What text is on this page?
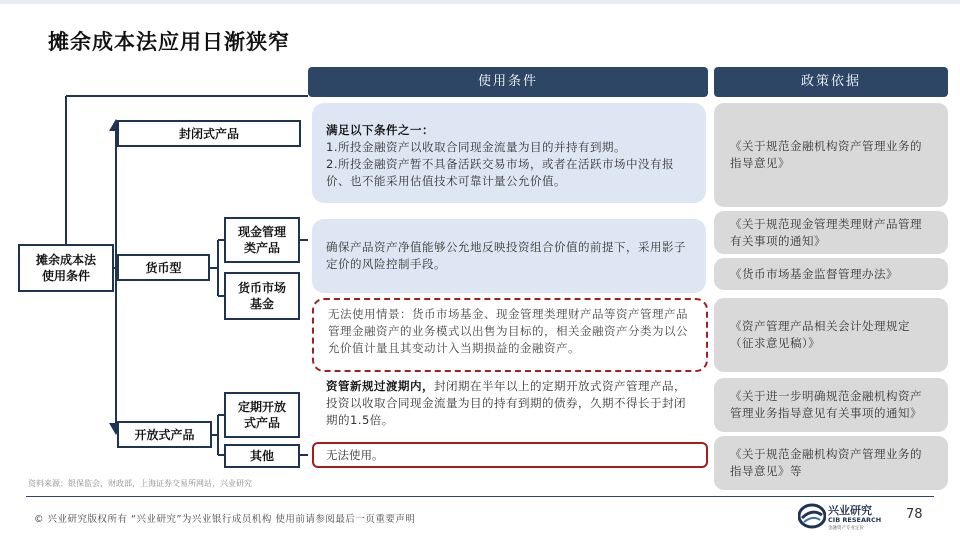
摊余成本法应用日渐狭窄
使用条件	政策依据
摊余成本法
使用条件
封闭式产品
货币型
现金管理
类产品
货币市场
基金
开放式产品
定期开放
式产品
其他
满足以下条件之一：
1.所投金融资产以收取合同现金流量为目的并持有到期。
2.所投金融资产暂不具备活跃交易市场，或者在活跃市场中没有报价、也不能采用估值技术可靠计量公允价值。
确保产品资产净值能够公允地反映投资组合价值的前提下，采用影子定价的风险控制手段。
无法使用情景：货币市场基金、现金管理类理财产品等资产管理产品管理金融资产的业务模式以出售为目标的，相关金融资产分类为以公允价值计量且其变动计入当期损益的金融资产。
资管新规过渡期内，封闭期在半年以上的定期开放式资产管理产品，投资以收取合同现金流量为目的持有到期的债券，久期不得长于封闭期的1.5倍。
无法使用。
《关于规范金融机构资产管理业务的指导意见》
《关于规范现金管理类理财产品管理有关事项的通知》
《货币市场基金监督管理办法》
《资产管理产品相关会计处理规定（征求意见稿）》
《关于进一步明确规范金融机构资产管理业务指导意见有关事项的通知》
《关于规范金融机构资产管理业务的指导意见》等
资料来源：银保监会，财政部，上海证券交易所网站，兴业研究
© 兴业研究版权所有 “兴业研究”为兴业银行成员机构 使用前请参阅最后一页重要声明
兴业研究
CIB RESEARCH
金融资产专业定价
78
